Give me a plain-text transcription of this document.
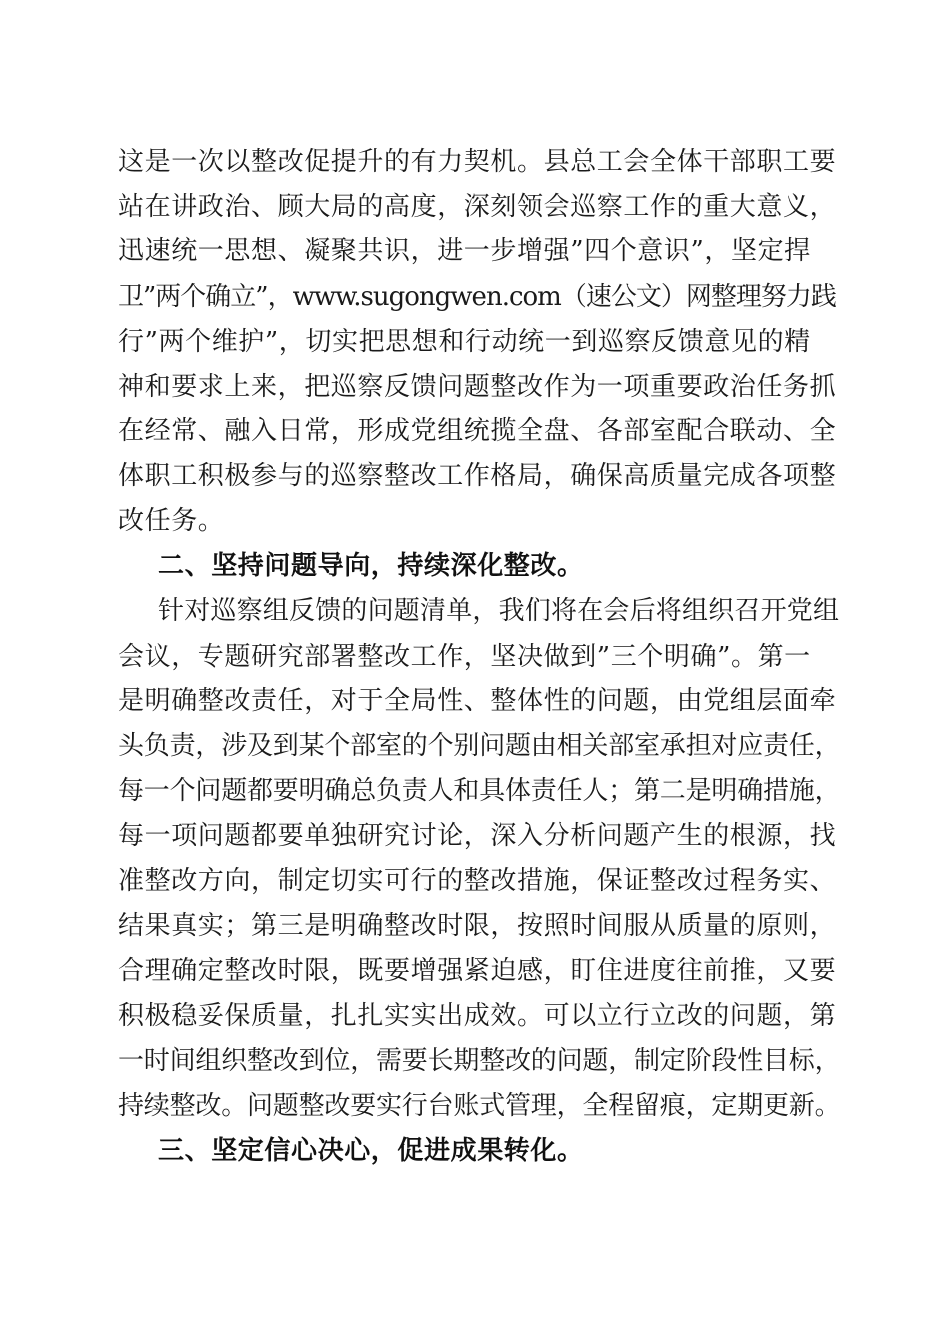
这是一次以整改促提升的有力契机。县总工会全体干部职工要
站在讲政治、顾大局的高度，深刻领会巡察工作的重大意义，
迅速统一思想、凝聚共识，进一步增强”四个意识”，坚定捍
卫”两个确立”，www.sugongwen.com（速公文）网整理努力践
行”两个维护”，切实把思想和行动统一到巡察反馈意见的精
神和要求上来，把巡察反馈问题整改作为一项重要政治任务抓
在经常、融入日常，形成党组统揽全盘、各部室配合联动、全
体职工积极参与的巡察整改工作格局，确保高质量完成各项整
改任务。
二、坚持问题导向，持续深化整改。
针对巡察组反馈的问题清单，我们将在会后将组织召开党组
会议，专题研究部署整改工作，坚决做到”三个明确”。第一
是明确整改责任，对于全局性、整体性的问题，由党组层面牵
头负责，涉及到某个部室的个别问题由相关部室承担对应责任，
每一个问题都要明确总负责人和具体责任人；第二是明确措施，
每一项问题都要单独研究讨论，深入分析问题产生的根源，找
准整改方向，制定切实可行的整改措施，保证整改过程务实、
结果真实；第三是明确整改时限，按照时间服从质量的原则，
合理确定整改时限，既要增强紧迫感，盯住进度往前推，又要
积极稳妥保质量，扎扎实实出成效。可以立行立改的问题，第
一时间组织整改到位，需要长期整改的问题，制定阶段性目标，
持续整改。问题整改要实行台账式管理，全程留痕，定期更新。
三、坚定信心决心，促进成果转化。
